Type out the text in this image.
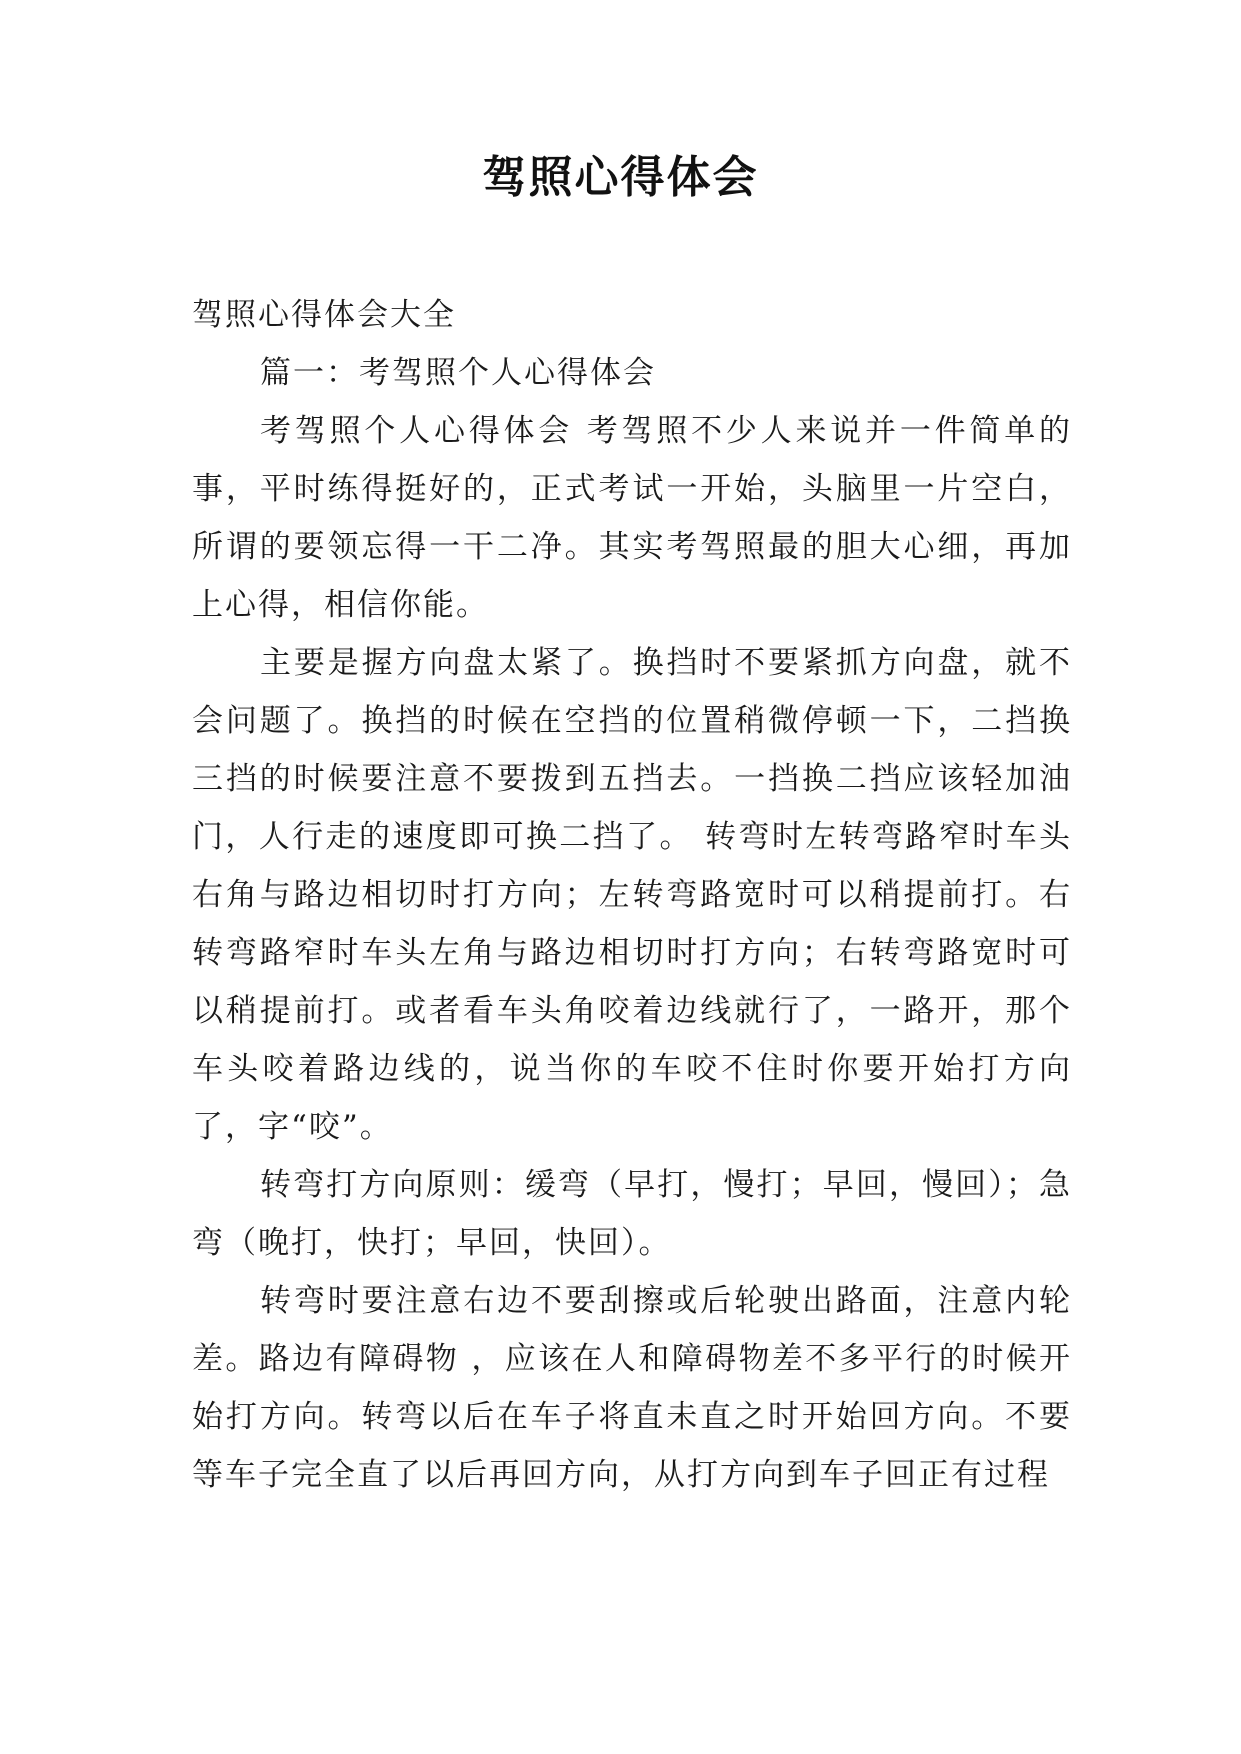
驾照心得体会

驾照心得体会大全

篇一：考驾照个人心得体会

考驾照个人心得体会 考驾照不少人来说并一件简单的事，平时练得挺好的，正式考试一开始，头脑里一片空白，所谓的要领忘得一干二净。其实考驾照最的胆大心细，再加上心得，相信你能。

主要是握方向盘太紧了。换挡时不要紧抓方向盘，就不会问题了。换挡的时候在空挡的位置稍微停顿一下，二挡换三挡的时候要注意不要拨到五挡去。一挡换二挡应该轻加油门，人行走的速度即可换二挡了。 转弯时左转弯路窄时车头右角与路边相切时打方向；左转弯路宽时可以稍提前打。右转弯路窄时车头左角与路边相切时打方向；右转弯路宽时可以稍提前打。或者看车头角咬着边线就行了，一路开，那个车头咬着路边线的，说当你的车咬不住时你要开始打方向了，字“咬”。

转弯打方向原则：缓弯（早打，慢打；早回，慢回）；急弯（晚打，快打；早回，快回）。

转弯时要注意右边不要刮擦或后轮驶出路面，注意内轮差。路边有障碍物 ，应该在人和障碍物差不多平行的时候开始打方向。转弯以后在车子将直未直之时开始回方向。不要等车子完全直了以后再回方向，从打方向到车子回正有过程
